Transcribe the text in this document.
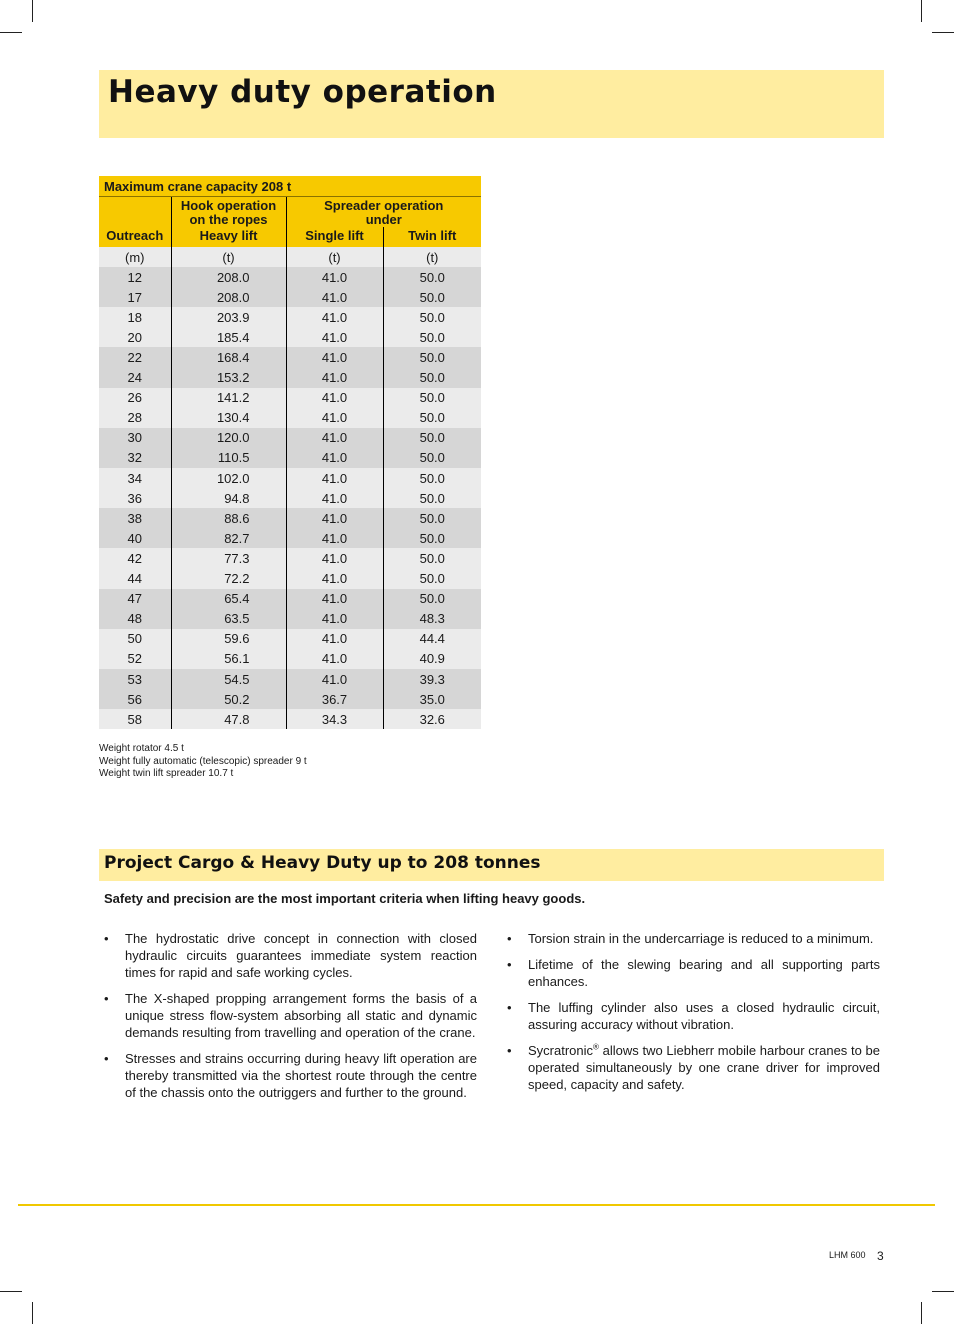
Heavy duty operation
Maximum crane capacity 208 t			
	Hook operation on the ropes	Spreader operation under	
Outreach	Heavy lift	Single lift	Twin lift
(m)	(t)	(t)	(t)
12	208.0	41.0	50.0
17	208.0	41.0	50.0
18	203.9	41.0	50.0
20	185.4	41.0	50.0
22	168.4	41.0	50.0
24	153.2	41.0	50.0
26	141.2	41.0	50.0
28	130.4	41.0	50.0
30	120.0	41.0	50.0
32	110.5	41.0	50.0
34	102.0	41.0	50.0
36	94.8	41.0	50.0
38	88.6	41.0	50.0
40	82.7	41.0	50.0
42	77.3	41.0	50.0
44	72.2	41.0	50.0
47	65.4	41.0	50.0
48	63.5	41.0	48.3
50	59.6	41.0	44.4
52	56.1	41.0	40.9
53	54.5	41.0	39.3
56	50.2	36.7	35.0
58	47.8	34.3	32.6
Weight rotator 4.5 t
Weight fully automatic (telescopic) spreader 9 t
Weight twin lift spreader 10.7 t
Project Cargo & Heavy Duty up to 208 tonnes
Safety and precision are the most important criteria when lifting heavy goods.
• The hydrostatic drive concept in connection with closed hydraulic circuits guarantees immediate system reaction times for rapid and safe working cycles.
• The X-shaped propping arrangement forms the basis of a unique stress flow-system absorbing all static and dynamic demands resulting from travelling and operation of the crane.
• Stresses and strains occurring during heavy lift operation are thereby transmitted via the shortest route through the centre of the chassis onto the outriggers and further to the ground.
• Torsion strain in the undercarriage is reduced to a minimum.
• Lifetime of the slewing bearing and all supporting parts enhances.
• The luffing cylinder also uses a closed hydraulic circuit, assuring accuracy without vibration.
• Sycratronic® allows two Liebherr mobile harbour cranes to be operated simultaneously by one crane driver for improved speed, capacity and safety.
LHM 600 3
